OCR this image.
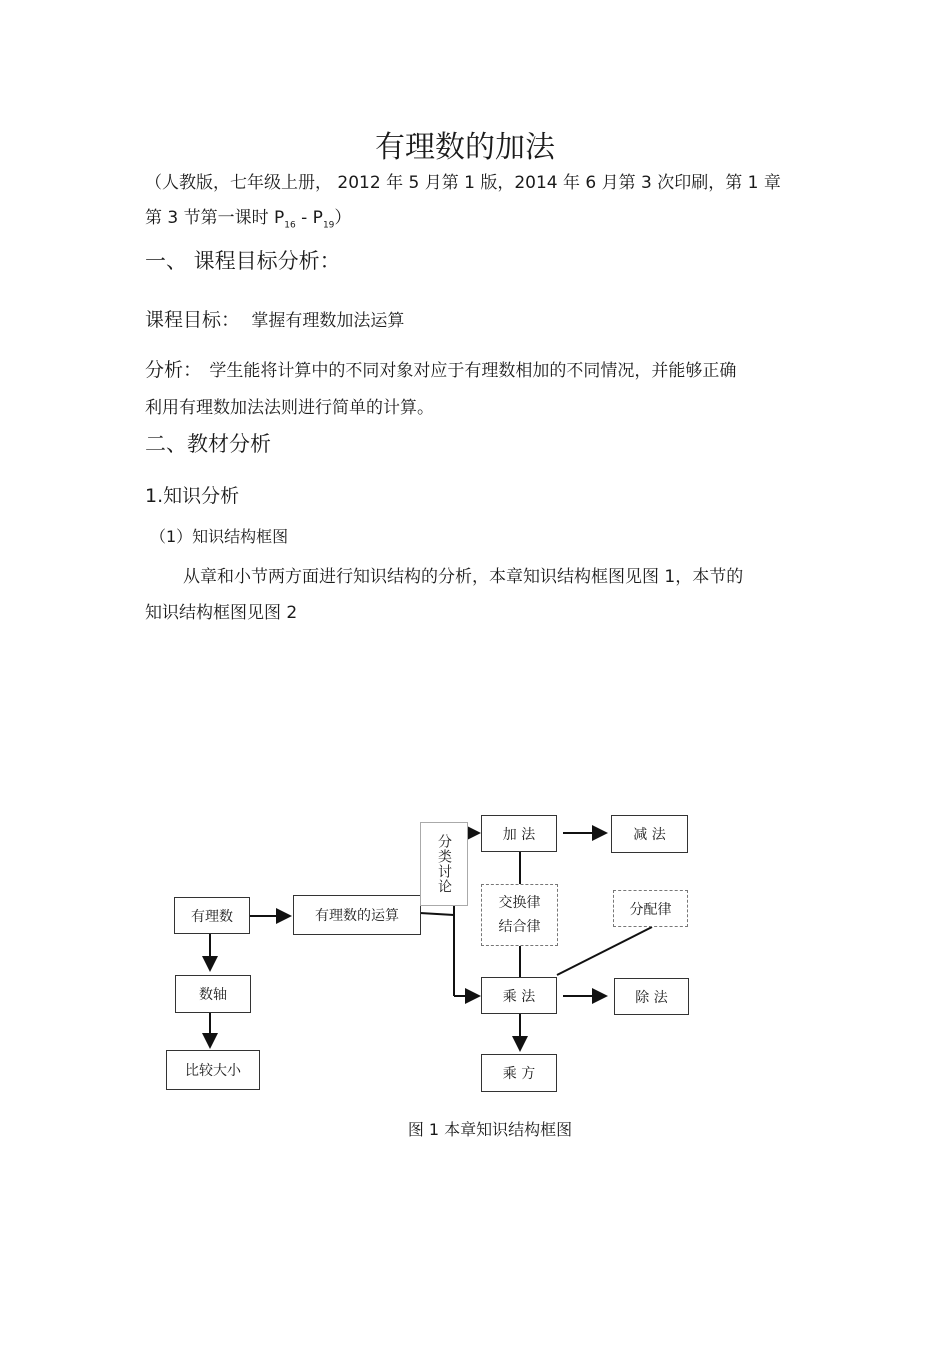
有理数的加法
（人教版，七年级上册， 2012 年 5 月第 1 版，2014 年 6 月第 3 次印刷，第 1 章
第 3 节第一课时 $P_{16} - P_{19}$）
一、 课程目标分析：
课程目标： 掌握有理数加法运算
分析： 学生能将计算中的不同对象对应于有理数相加的不同情况，并能够正确
利用有理数加法法则进行简单的计算。
二、教材分析
1.知识分析
（1）知识结构框图
从章和小节两方面进行知识结构的分析，本章知识结构框图见图 1，本节的
知识结构框图见图 2
有理数	有理数的运算
数轴
比较大小
分类讨论	加 法	减 法
交换律
结合律
分配律
乘 法	除 法
乘 方
图 1 本章知识结构框图
